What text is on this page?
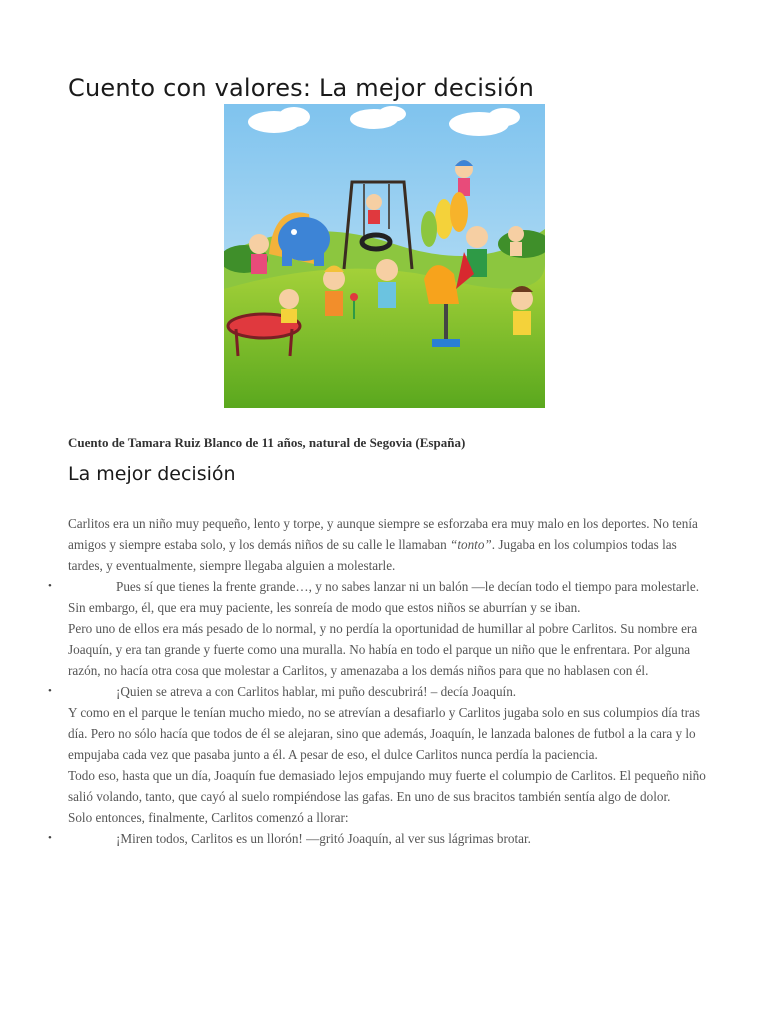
Cuento con valores: La mejor decisión

Cuento de Tamara Ruiz Blanco de 11 años, natural de Segovia (España)

La mejor decisión

Carlitos era un niño muy pequeño, lento y torpe, y aunque siempre se esforzaba era muy malo en los deportes. No tenía amigos y siempre estaba solo, y los demás niños de su calle le llamaban “tonto”. Jugaba en los columpios todas las tardes, y eventualmente, siempre llegaba alguien a molestarle.

• Pues sí que tienes la frente grande…, y no sabes lanzar ni un balón —le decían todo el tiempo para molestarle.

Sin embargo, él, que era muy paciente, les sonreía de modo que estos niños se aburrían y se iban.

Pero uno de ellos era más pesado de lo normal, y no perdía la oportunidad de humillar al pobre Carlitos. Su nombre era Joaquín, y era tan grande y fuerte como una muralla. No había en todo el parque un niño que le enfrentara. Por alguna razón, no hacía otra cosa que molestar a Carlitos, y amenazaba a los demás niños para que no hablasen con él.

• ¡Quien se atreva a con Carlitos hablar, mi puño descubrirá! – decía Joaquín.

Y como en el parque le tenían mucho miedo, no se atrevían a desafiarlo y Carlitos jugaba solo en sus columpios día tras día. Pero no sólo hacía que todos de él se alejaran, sino que además, Joaquín, le lanzada balones de futbol a la cara y lo empujaba cada vez que pasaba junto a él. A pesar de eso, el dulce Carlitos nunca perdía la paciencia.

Todo eso, hasta que un día, Joaquín fue demasiado lejos empujando muy fuerte el columpio de Carlitos. El pequeño niño salió volando, tanto, que cayó al suelo rompiéndose las gafas. En uno de sus bracitos también sentía algo de dolor.

Solo entonces, finalmente, Carlitos comenzó a llorar:

• ¡Miren todos, Carlitos es un llorón! —gritó Joaquín, al ver sus lágrimas brotar.
